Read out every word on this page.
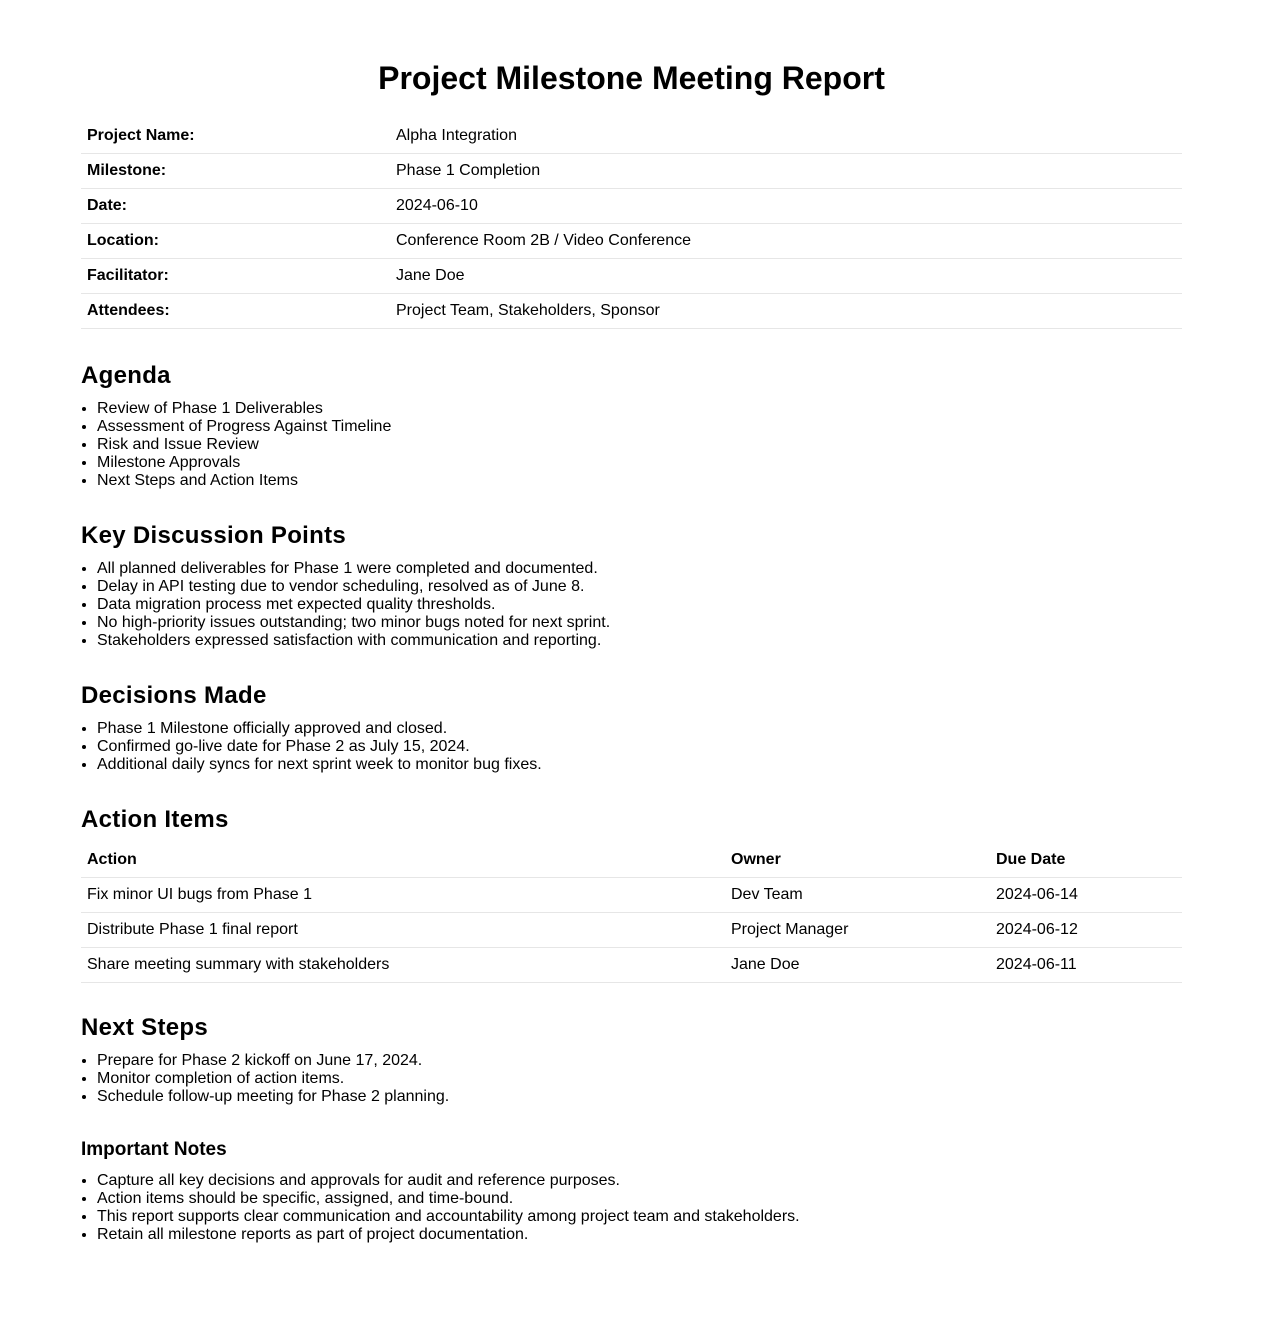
Project Milestone Meeting Report
Project Name:	Alpha Integration
Milestone:	Phase 1 Completion
Date:	2024-06-10
Location:	Conference Room 2B / Video Conference
Facilitator:	Jane Doe
Attendees:	Project Team, Stakeholders, Sponsor
Agenda
• Review of Phase 1 Deliverables
• Assessment of Progress Against Timeline
• Risk and Issue Review
• Milestone Approvals
• Next Steps and Action Items
Key Discussion Points
• All planned deliverables for Phase 1 were completed and documented.
• Delay in API testing due to vendor scheduling, resolved as of June 8.
• Data migration process met expected quality thresholds.
• No high-priority issues outstanding; two minor bugs noted for next sprint.
• Stakeholders expressed satisfaction with communication and reporting.
Decisions Made
• Phase 1 Milestone officially approved and closed.
• Confirmed go-live date for Phase 2 as July 15, 2024.
• Additional daily syncs for next sprint week to monitor bug fixes.
Action Items
Action	Owner	Due Date
Fix minor UI bugs from Phase 1	Dev Team	2024-06-14
Distribute Phase 1 final report	Project Manager	2024-06-12
Share meeting summary with stakeholders	Jane Doe	2024-06-11
Next Steps
• Prepare for Phase 2 kickoff on June 17, 2024.
• Monitor completion of action items.
• Schedule follow-up meeting for Phase 2 planning.
Important Notes
• Capture all key decisions and approvals for audit and reference purposes.
• Action items should be specific, assigned, and time-bound.
• This report supports clear communication and accountability among project team and stakeholders.
• Retain all milestone reports as part of project documentation.
